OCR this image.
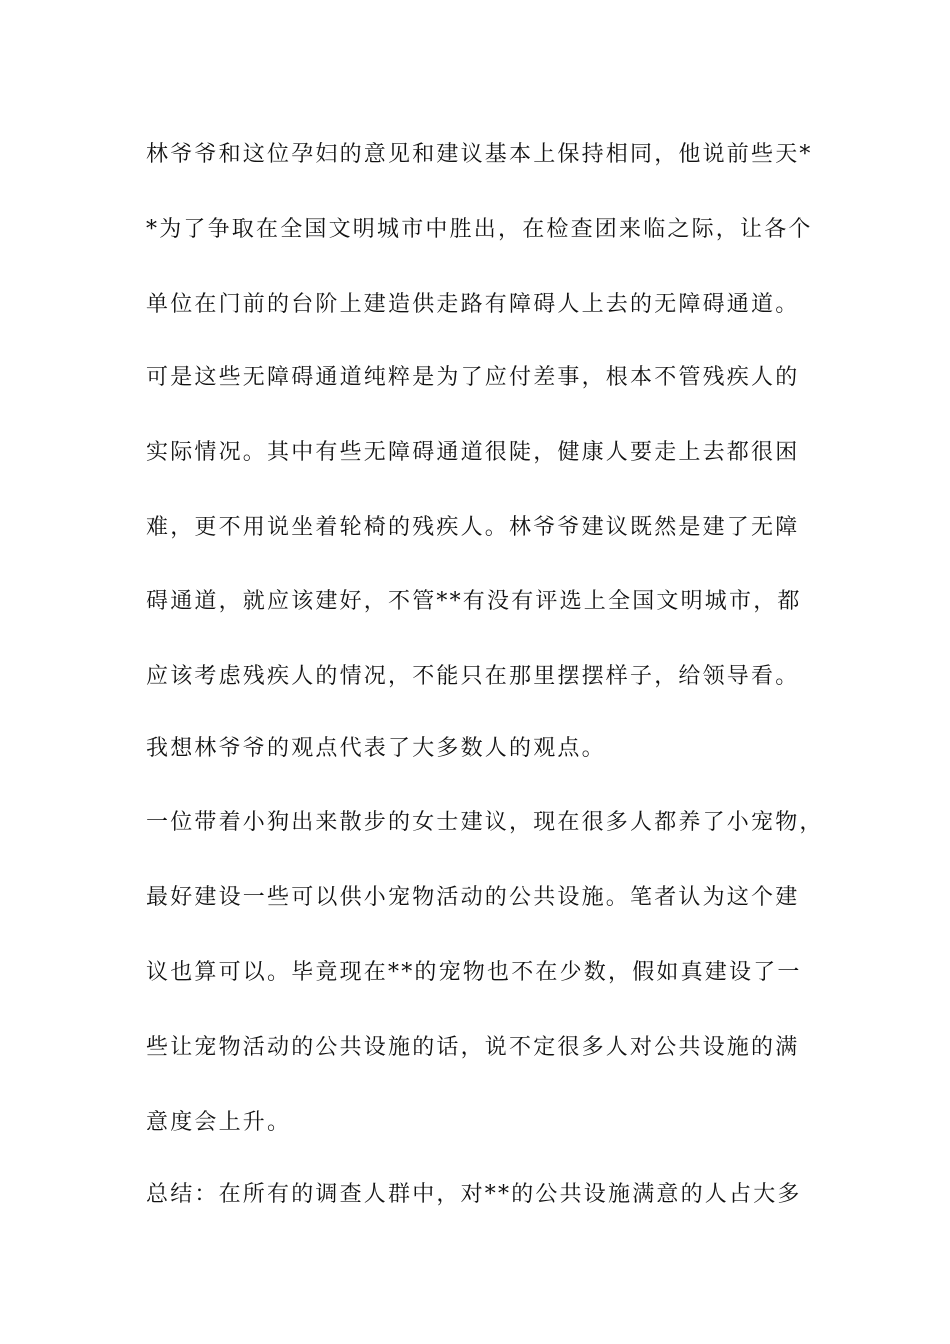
林爷爷和这位孕妇的意见和建议基本上保持相同，他说前些天*
*为了争取在全国文明城市中胜出，在检查团来临之际，让各个
单位在门前的台阶上建造供走路有障碍人上去的无障碍通道。
可是这些无障碍通道纯粹是为了应付差事，根本不管残疾人的
实际情况。其中有些无障碍通道很陡，健康人要走上去都很困
难，更不用说坐着轮椅的残疾人。林爷爷建议既然是建了无障
碍通道，就应该建好，不管**有没有评选上全国文明城市，都
应该考虑残疾人的情况，不能只在那里摆摆样子，给领导看。
我想林爷爷的观点代表了大多数人的观点。
一位带着小狗出来散步的女士建议，现在很多人都养了小宠物，
最好建设一些可以供小宠物活动的公共设施。笔者认为这个建
议也算可以。毕竟现在**的宠物也不在少数，假如真建设了一
些让宠物活动的公共设施的话，说不定很多人对公共设施的满
意度会上升。
总结：在所有的调查人群中，对**的公共设施满意的人占大多
